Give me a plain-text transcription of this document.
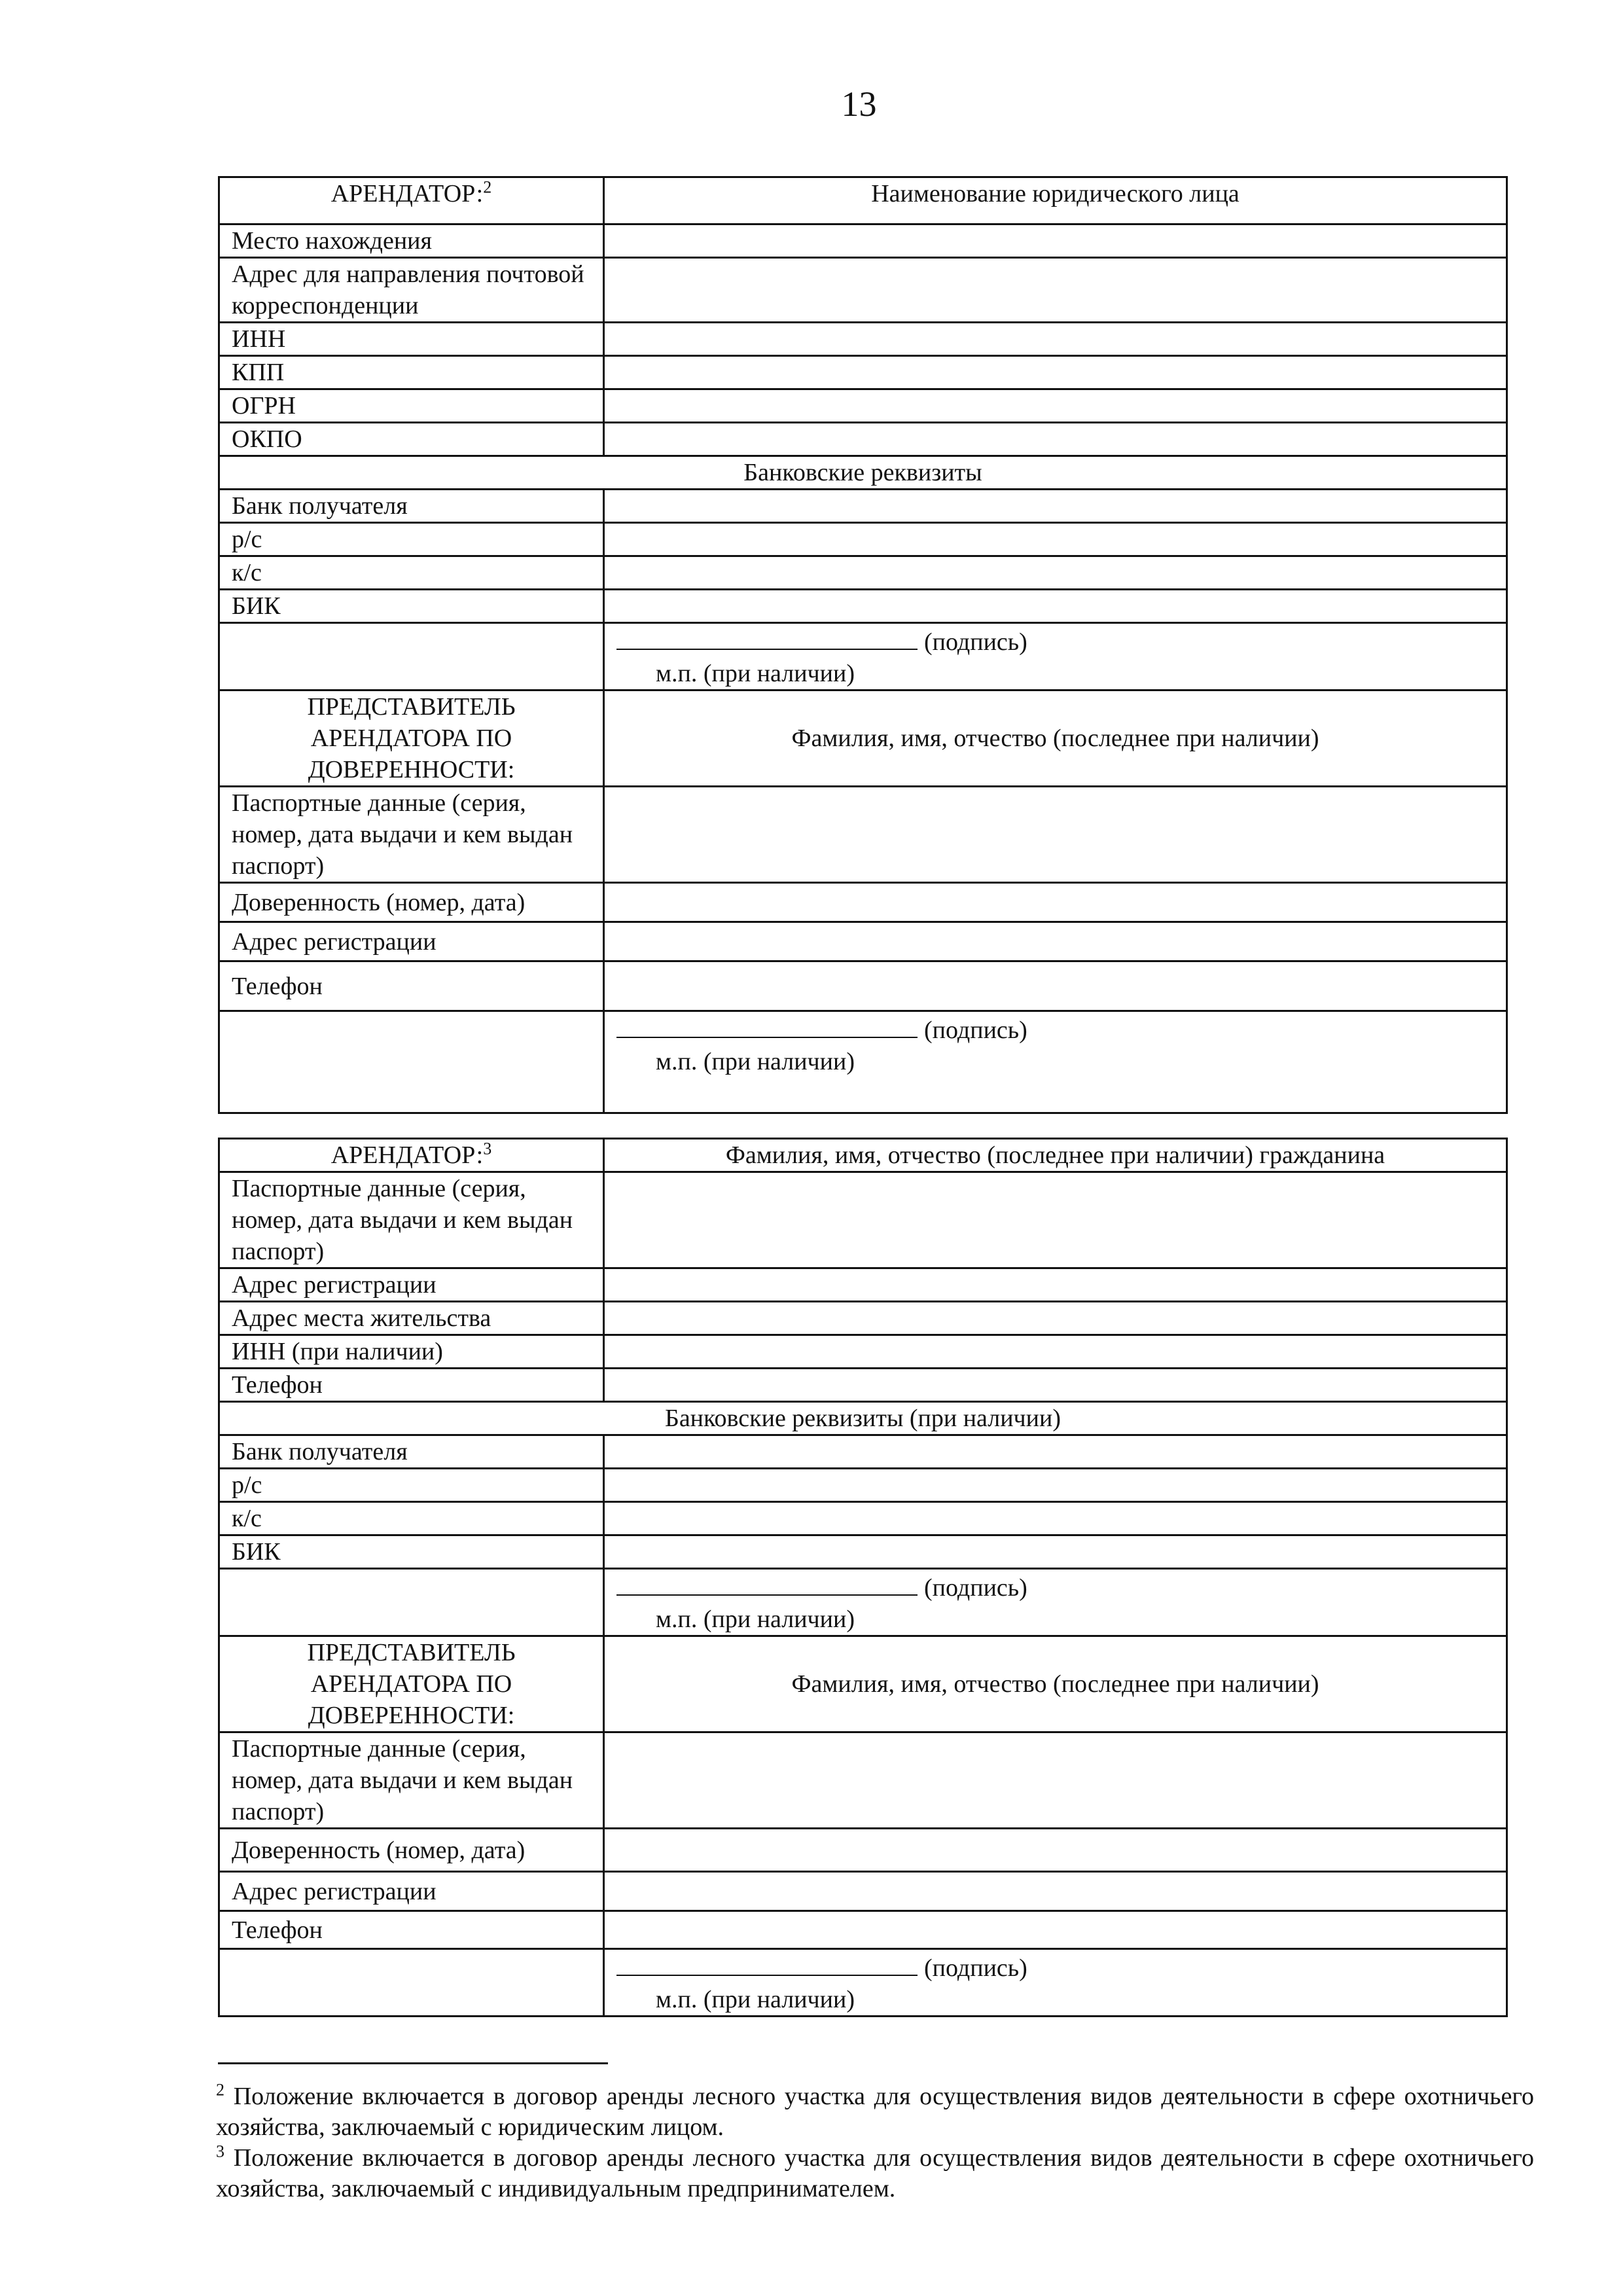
13
АРЕНДАТОР:$^2$	Наименование юридического лица
Место нахождения	
Адрес для направления почтовой корреспонденции	
ИНН	
КПП	
ОГРН	
ОКПО	
Банковские реквизиты	
Банк получателя	
р/с	
к/с	
БИК	
	(подпись)
м.п. (при наличии)

ПРЕДСТАВИТЕЛЬ АРЕНДАТОРА ПО ДОВЕРЕННОСТИ:	Фамилия, имя, отчество (последнее при наличии)
Паспортные данные (серия, номер, дата выдачи и кем выдан паспорт)	
Доверенность (номер, дата)	
Адрес регистрации	
Телефон	
	(подпись)
м.п. (при наличии)
АРЕНДАТОР:$^3$	Фамилия, имя, отчество (последнее при наличии) гражданина
Паспортные данные (серия, номер, дата выдачи и кем выдан паспорт)	
Адрес регистрации	
Адрес места жительства	
ИНН (при наличии)	
Телефон	
Банковские реквизиты (при наличии)	
Банк получателя	
р/с	
к/с	
БИК	
	(подпись)
м.п. (при наличии)

ПРЕДСТАВИТЕЛЬ АРЕНДАТОРА ПО ДОВЕРЕННОСТИ:	Фамилия, имя, отчество (последнее при наличии)
Паспортные данные (серия, номер, дата выдачи и кем выдан паспорт)	
Доверенность (номер, дата)	
Адрес регистрации	
Телефон	
	(подпись)
м.п. (при наличии)

$^2$ Положение включается в договор аренды лесного участка для осуществления видов деятельности в сфере охотничьего хозяйства, заключаемый с юридическим лицом.

$^3$ Положение включается в договор аренды лесного участка для осуществления видов деятельности в сфере охотничьего хозяйства, заключаемый с индивидуальным предпринимателем.
